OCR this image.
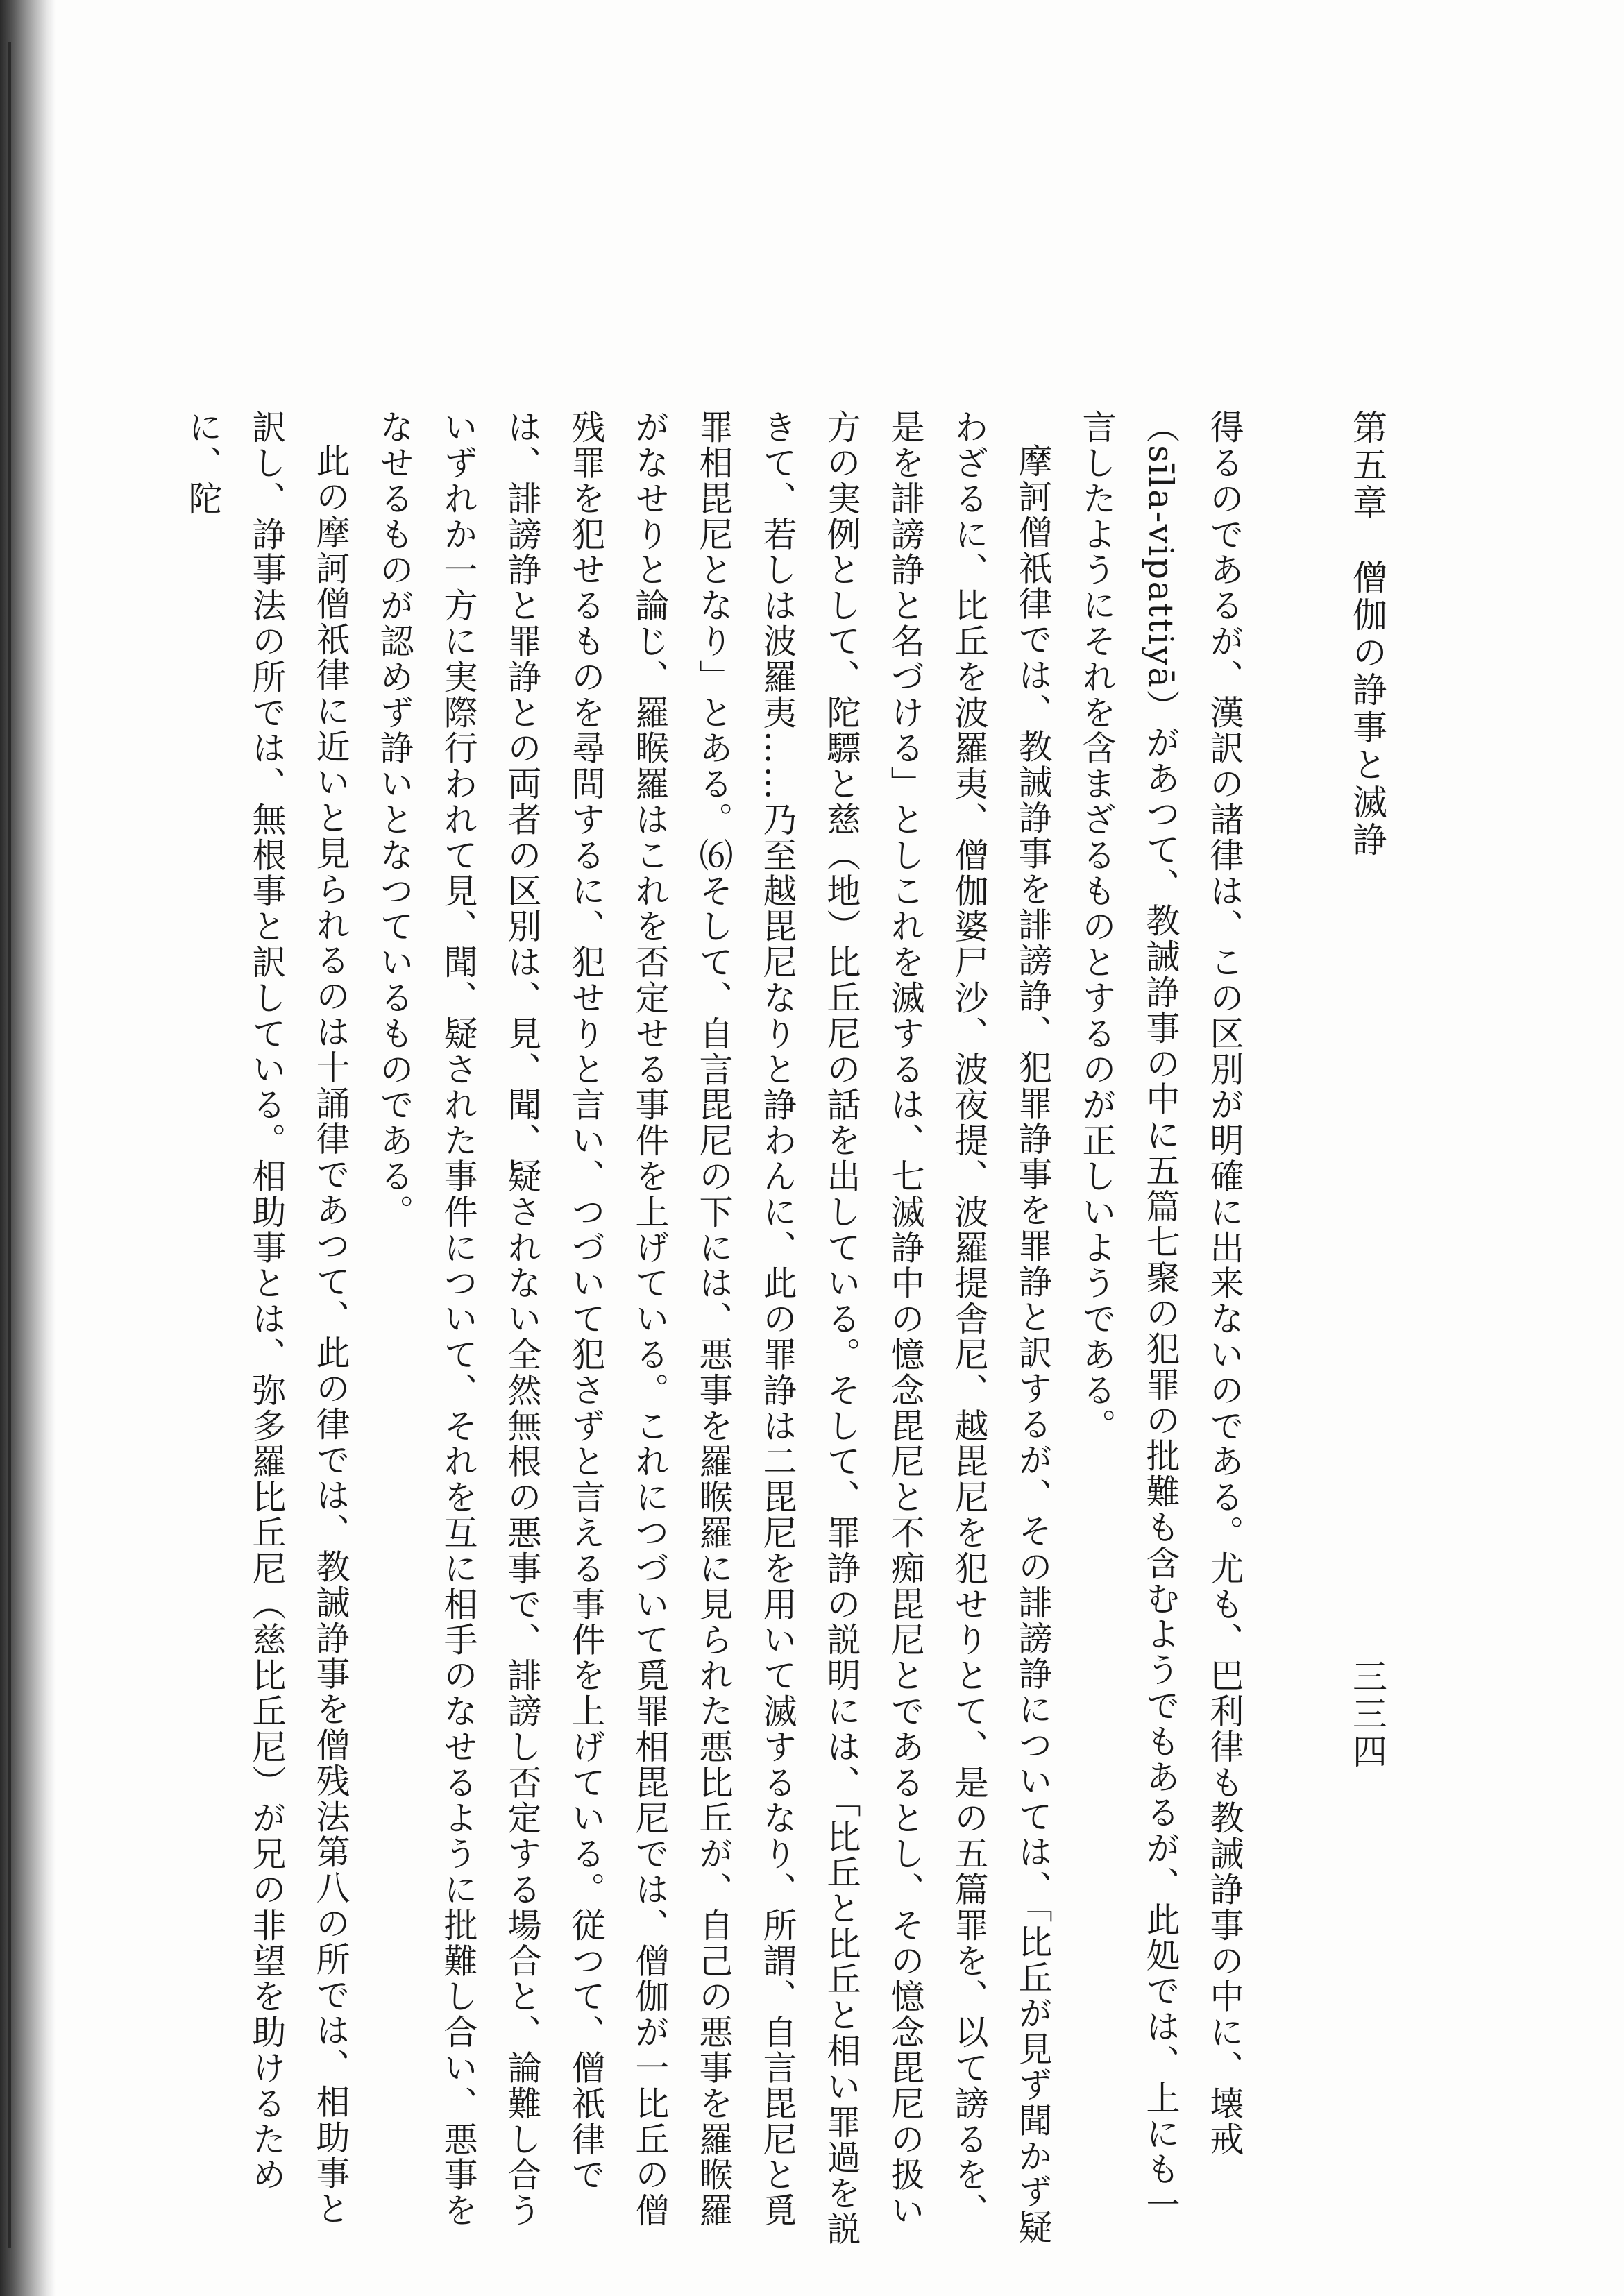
第五章　僧伽の諍事と滅諍
三三四

得るのであるが、漢訳の諸律は、この区別が明確に出来ないのである。尤も、巴利律も教誡諍事の中に、壊戒（sīla-vipattiyā）があつて、教誡諍事の中に五篇七聚の犯罪の批難も含むようでもあるが、此処では、上にも一言したようにそれを含まざるものとするのが正しいようである。

摩訶僧祇律では、教誡諍事を誹謗諍、犯罪諍事を罪諍と訳するが、その誹謗諍については、「比丘が見ず聞かず疑わざるに、比丘を波羅夷、僧伽婆尸沙、波夜提、波羅提舎尼、越毘尼を犯せりとて、是の五篇罪を、以て謗るを、是を誹謗諍と名づける」としこれを滅するは、七滅諍中の憶念毘尼と不痴毘尼とであるとし、その憶念毘尼の扱い方の実例として、陀驃と慈（地）比丘尼の話を出している。そして、罪諍の説明には、「比丘と比丘と相い罪過を説きて、若しは波羅夷……乃至越毘尼なりと諍わんに、此の罪諍は二毘尼を用いて滅するなり、所謂、自言毘尼と覓罪相毘尼となり」とある。⑹そして、自言毘尼の下には、悪事を羅睺羅に見られた悪比丘が、自己の悪事を羅睺羅がなせりと論じ、羅睺羅はこれを否定せる事件を上げている。これにつづいて覓罪相毘尼では、僧伽が一比丘の僧残罪を犯せるものを尋問するに、犯せりと言い、つづいて犯さずと言える事件を上げている。従つて、僧祇律では、誹謗諍と罪諍との両者の区別は、見、聞、疑されない全然無根の悪事で、誹謗し否定する場合と、論難し合ういずれか一方に実際行われて見、聞、疑された事件について、それを互に相手のなせるように批難し合い、悪事をなせるものが認めず諍いとなつているものである。

此の摩訶僧祇律に近いと見られるのは十誦律であつて、此の律では、教誡諍事を僧残法第八の所では、相助事と訳し、諍事法の所では、無根事と訳している。相助事とは、弥多羅比丘尼（慈比丘尼）が兄の非望を助けるために、陀
